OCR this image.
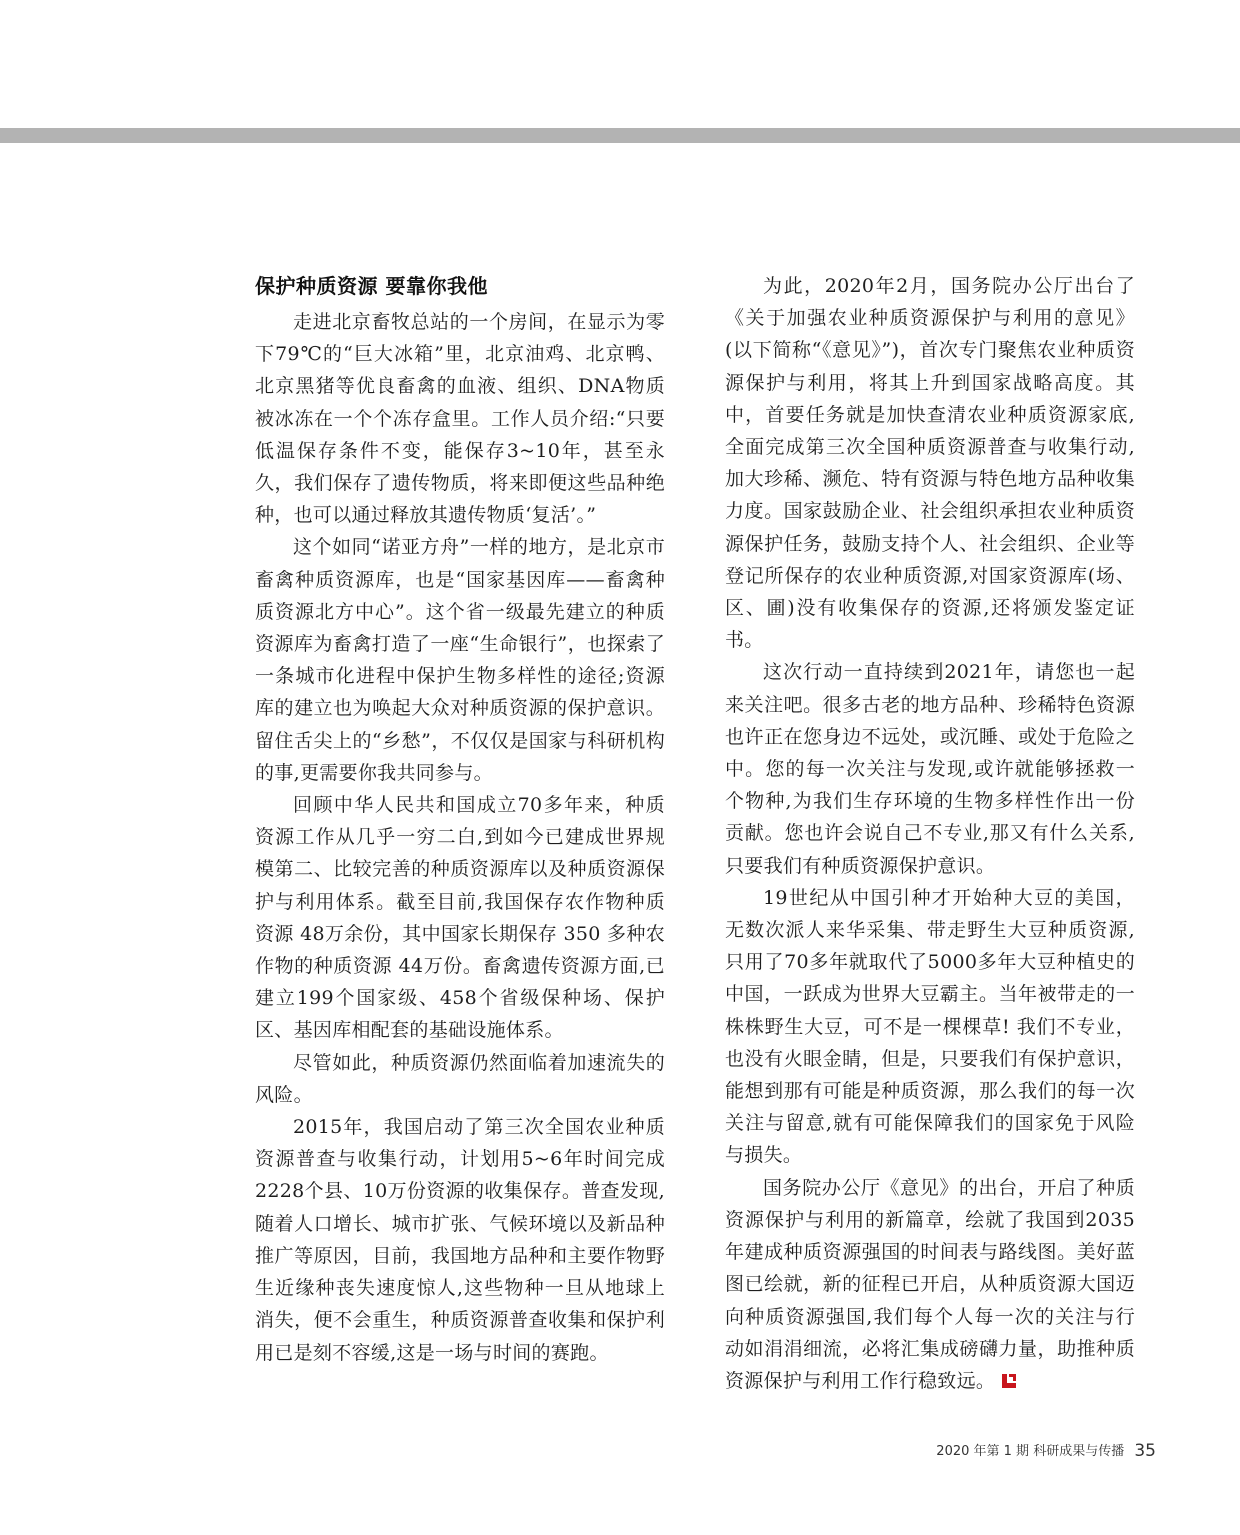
保护种质资源 要靠你我他

走进北京畜牧总站的一个房间，在显示为零下79℃的“巨大冰箱”里，北京油鸡、北京鸭、北京黑猪等优良畜禽的血液、组织、DNA物质被冰冻在一个个冻存盒里。工作人员介绍:“只要低温保存条件不变，能保存3~10年，甚至永久，我们保存了遗传物质，将来即便这些品种绝种，也可以通过释放其遗传物质‘复活’。”

这个如同“诺亚方舟”一样的地方，是北京市畜禽种质资源库，也是“国家基因库——畜禽种质资源北方中心”。这个省一级最先建立的种质资源库为畜禽打造了一座“生命银行”，也探索了一条城市化进程中保护生物多样性的途径;资源库的建立也为唤起大众对种质资源的保护意识。留住舌尖上的“乡愁”，不仅仅是国家与科研机构的事,更需要你我共同参与。

回顾中华人民共和国成立70多年来，种质资源工作从几乎一穷二白,到如今已建成世界规模第二、比较完善的种质资源库以及种质资源保护与利用体系。截至目前,我国保存农作物种质资源 48万余份，其中国家长期保存 350 多种农作物的种质资源 44万份。畜禽遗传资源方面,已建立199个国家级、458个省级保种场、保护区、基因库相配套的基础设施体系。

尽管如此，种质资源仍然面临着加速流失的风险。

2015年，我国启动了第三次全国农业种质资源普查与收集行动，计划用5~6年时间完成2228个县、10万份资源的收集保存。普查发现,随着人口增长、城市扩张、气候环境以及新品种推广等原因，目前，我国地方品种和主要作物野生近缘种丧失速度惊人,这些物种一旦从地球上消失，便不会重生，种质资源普查收集和保护利用已是刻不容缓,这是一场与时间的赛跑。

为此，2020年2月，国务院办公厅出台了《关于加强农业种质资源保护与利用的意见》(以下简称“《意见》”)，首次专门聚焦农业种质资源保护与利用，将其上升到国家战略高度。其中，首要任务就是加快查清农业种质资源家底,全面完成第三次全国种质资源普查与收集行动,加大珍稀、濒危、特有资源与特色地方品种收集力度。国家鼓励企业、社会组织承担农业种质资源保护任务，鼓励支持个人、社会组织、企业等登记所保存的农业种质资源,对国家资源库(场、区、圃)没有收集保存的资源,还将颁发鉴定证书。

这次行动一直持续到2021年，请您也一起来关注吧。很多古老的地方品种、珍稀特色资源也许正在您身边不远处，或沉睡、或处于危险之中。您的每一次关注与发现,或许就能够拯救一个物种,为我们生存环境的生物多样性作出一份贡献。您也许会说自己不专业,那又有什么关系,只要我们有种质资源保护意识。

19世纪从中国引种才开始种大豆的美国，无数次派人来华采集、带走野生大豆种质资源,只用了70多年就取代了5000多年大豆种植史的中国，一跃成为世界大豆霸主。当年被带走的一株株野生大豆，可不是一棵棵草! 我们不专业，也没有火眼金睛，但是，只要我们有保护意识，能想到那有可能是种质资源，那么我们的每一次关注与留意,就有可能保障我们的国家免于风险与损失。

国务院办公厅《意见》的出台，开启了种质资源保护与利用的新篇章，绘就了我国到2035年建成种质资源强国的时间表与路线图。美好蓝图已绘就，新的征程已开启，从种质资源大国迈向种质资源强国,我们每个人每一次的关注与行动如涓涓细流，必将汇集成磅礴力量，助推种质资源保护与利用工作行稳致远。

2020 年第 1 期 科研成果与传播 35
